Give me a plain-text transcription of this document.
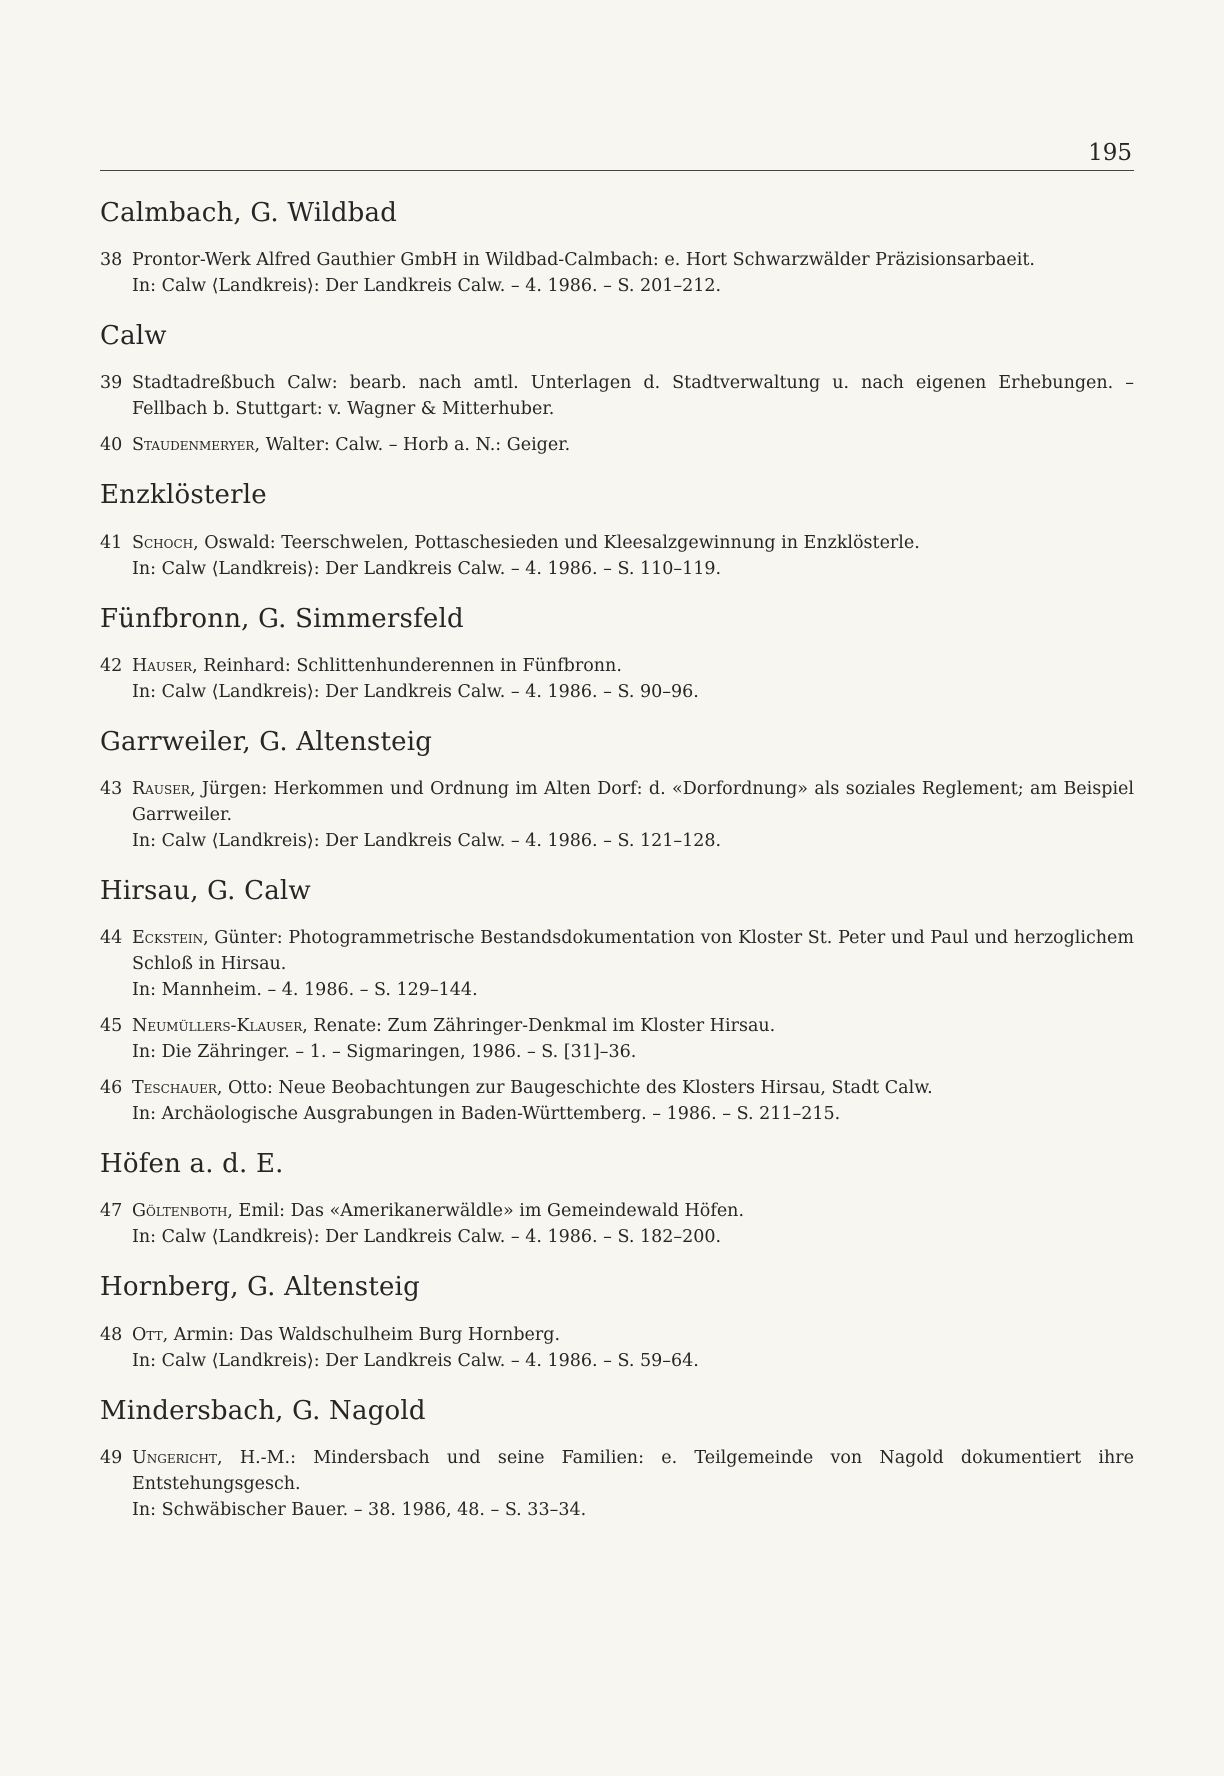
195
Calmbach, G. Wildbad
38 Prontor-Werk Alfred Gauthier GmbH in Wildbad-Calmbach: e. Hort Schwarzwälder Präzisionsarbaeit.
In: Calw ⟨Landkreis⟩: Der Landkreis Calw. – 4. 1986. – S. 201–212.
Calw
39 Stadtadreßbuch Calw: bearb. nach amtl. Unterlagen d. Stadtverwaltung u. nach eigenen Erhebungen. – Fellbach b. Stuttgart: v. Wagner & Mitterhuber.
40 Staudenmeryer, Walter: Calw. – Horb a. N.: Geiger.
Enzklösterle
41 Schoch, Oswald: Teerschwelen, Pottaschesieden und Kleesalzgewinnung in Enzklösterle.
In: Calw ⟨Landkreis⟩: Der Landkreis Calw. – 4. 1986. – S. 110–119.
Fünfbronn, G. Simmersfeld
42 Hauser, Reinhard: Schlittenhunderennen in Fünfbronn.
In: Calw ⟨Landkreis⟩: Der Landkreis Calw. – 4. 1986. – S. 90–96.
Garrweiler, G. Altensteig
43 Rauser, Jürgen: Herkommen und Ordnung im Alten Dorf: d. «Dorfordnung» als soziales Reglement; am Beispiel Garrweiler.
In: Calw ⟨Landkreis⟩: Der Landkreis Calw. – 4. 1986. – S. 121–128.
Hirsau, G. Calw
44 Eckstein, Günter: Photogrammetrische Bestandsdokumentation von Kloster St. Peter und Paul und herzoglichem Schloß in Hirsau.
In: Mannheim. – 4. 1986. – S. 129–144.
45 Neumüllers-Klauser, Renate: Zum Zähringer-Denkmal im Kloster Hirsau.
In: Die Zähringer. – 1. – Sigmaringen, 1986. – S. [31]–36.
46 Teschauer, Otto: Neue Beobachtungen zur Baugeschichte des Klosters Hirsau, Stadt Calw.
In: Archäologische Ausgrabungen in Baden-Württemberg. – 1986. – S. 211–215.
Höfen a. d. E.
47 Göltenboth, Emil: Das «Amerikanerwäldle» im Gemeindewald Höfen.
In: Calw ⟨Landkreis⟩: Der Landkreis Calw. – 4. 1986. – S. 182–200.
Hornberg, G. Altensteig
48 Ott, Armin: Das Waldschulheim Burg Hornberg.
In: Calw ⟨Landkreis⟩: Der Landkreis Calw. – 4. 1986. – S. 59–64.
Mindersbach, G. Nagold
49 Ungericht, H.-M.: Mindersbach und seine Familien: e. Teilgemeinde von Nagold dokumentiert ihre Entstehungsgesch.
In: Schwäbischer Bauer. – 38. 1986, 48. – S. 33–34.
